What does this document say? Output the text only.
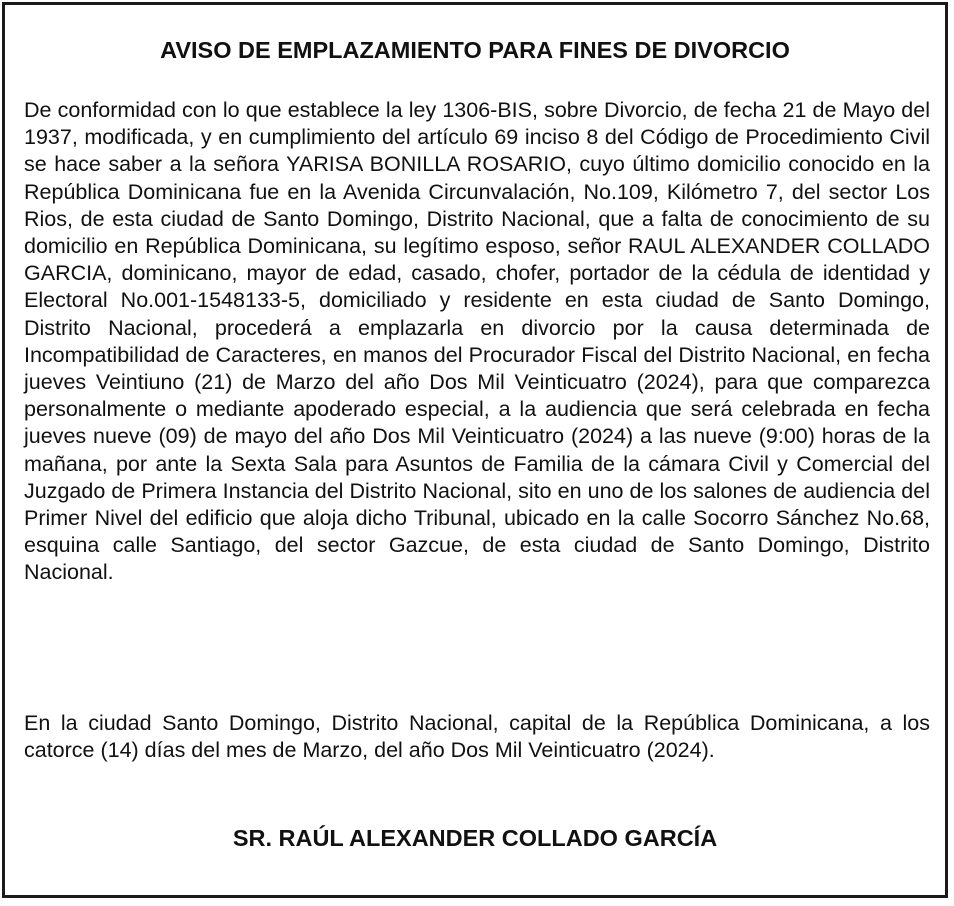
AVISO DE EMPLAZAMIENTO PARA FINES DE DIVORCIO

De conformidad con lo que establece la ley 1306-BIS, sobre Divorcio, de fecha 21 de Mayo del 1937, modificada, y en cumplimiento del artículo 69 inciso 8 del Código de Procedimiento Civil se hace saber a la señora YARISA BONILLA ROSARIO, cuyo último domicilio conocido en la República Dominicana fue en la Avenida Circunvalación, No.109, Kilómetro 7, del sector Los Rios, de esta ciudad de Santo Domingo, Distrito Nacional, que a falta de conocimiento de su domicilio en República Dominicana, su legítimo esposo, señor RAUL ALEXANDER COLLADO GARCIA, dominicano, mayor de edad, casado, chofer, portador de la cédula de identidad y Electoral No.001-1548133-5, domiciliado y residente en esta ciudad de Santo Domingo, Distrito Nacional, procederá a emplazarla en divorcio por la causa determinada de Incompatibilidad de Caracteres, en manos del Procurador Fiscal del Distrito Nacional, en fecha jueves Veintiuno (21) de Marzo del año Dos Mil Veinticuatro (2024), para que comparezca personalmente o mediante apoderado especial, a la audiencia que será celebrada en fecha jueves nueve (09) de mayo del año Dos Mil Veinticuatro (2024) a las nueve (9:00) horas de la mañana, por ante la Sexta Sala para Asuntos de Familia de la cámara Civil y Comercial del Juzgado de Primera Instancia del Distrito Nacional, sito en uno de los salones de audiencia del Primer Nivel del edificio que aloja dicho Tribunal, ubicado en la calle Socorro Sánchez No.68, esquina calle Santiago, del sector Gazcue, de esta ciudad de Santo Domingo, Distrito Nacional.

En la ciudad Santo Domingo, Distrito Nacional, capital de la República Dominicana, a los catorce (14) días del mes de Marzo, del año Dos Mil Veinticuatro (2024).

SR. RAÚL ALEXANDER COLLADO GARCÍA
